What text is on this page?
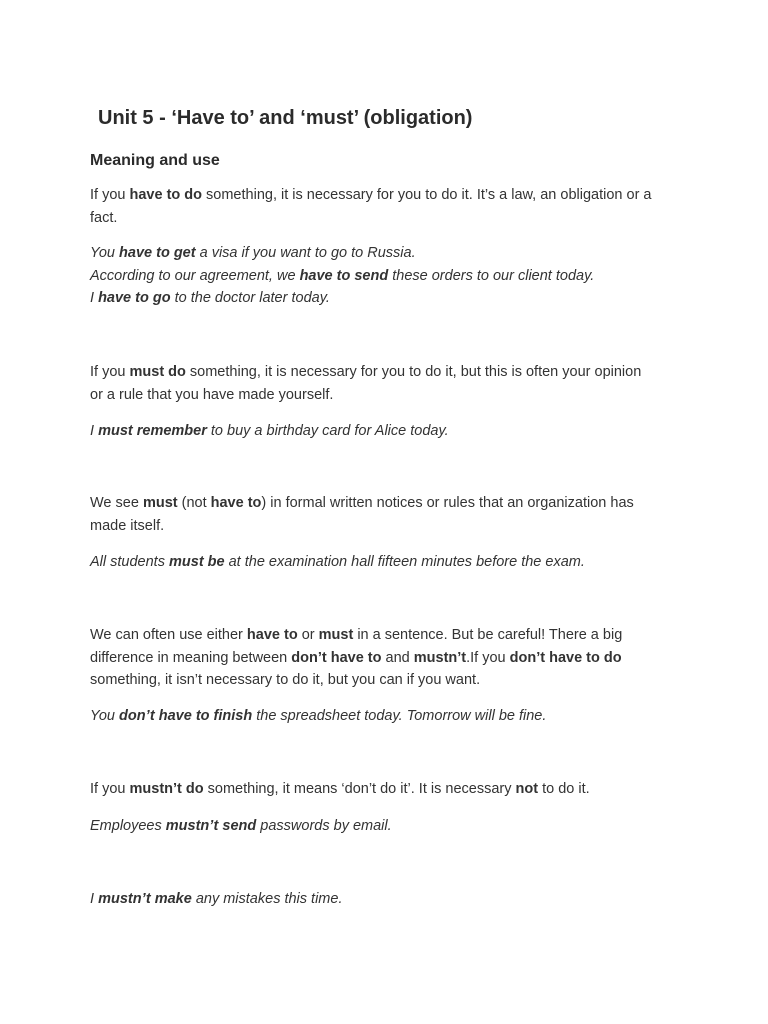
Unit 5 - ‘Have to’ and ‘must’ (obligation)
Meaning and use

If you have to do something, it is necessary for you to do it. It’s a law, an obligation or a
fact.

You have to get a visa if you want to go to Russia.
According to our agreement, we have to send these orders to our client today.
I have to go to the doctor later today.

If you must do something, it is necessary for you to do it, but this is often your opinion
or a rule that you have made yourself.

I must remember to buy a birthday card for Alice today.

We see must (not have to) in formal written notices or rules that an organization has
made itself.

All students must be at the examination hall fifteen minutes before the exam.

We can often use either have to or must in a sentence. But be careful! There a big
difference in meaning between don’t have to and mustn’t.If you don’t have to do
something, it isn’t necessary to do it, but you can if you want.

You don’t have to finish the spreadsheet today. Tomorrow will be fine.

If you mustn’t do something, it means ‘don’t do it’. It is necessary not to do it.

Employees mustn’t send passwords by email.

I mustn’t make any mistakes this time.
